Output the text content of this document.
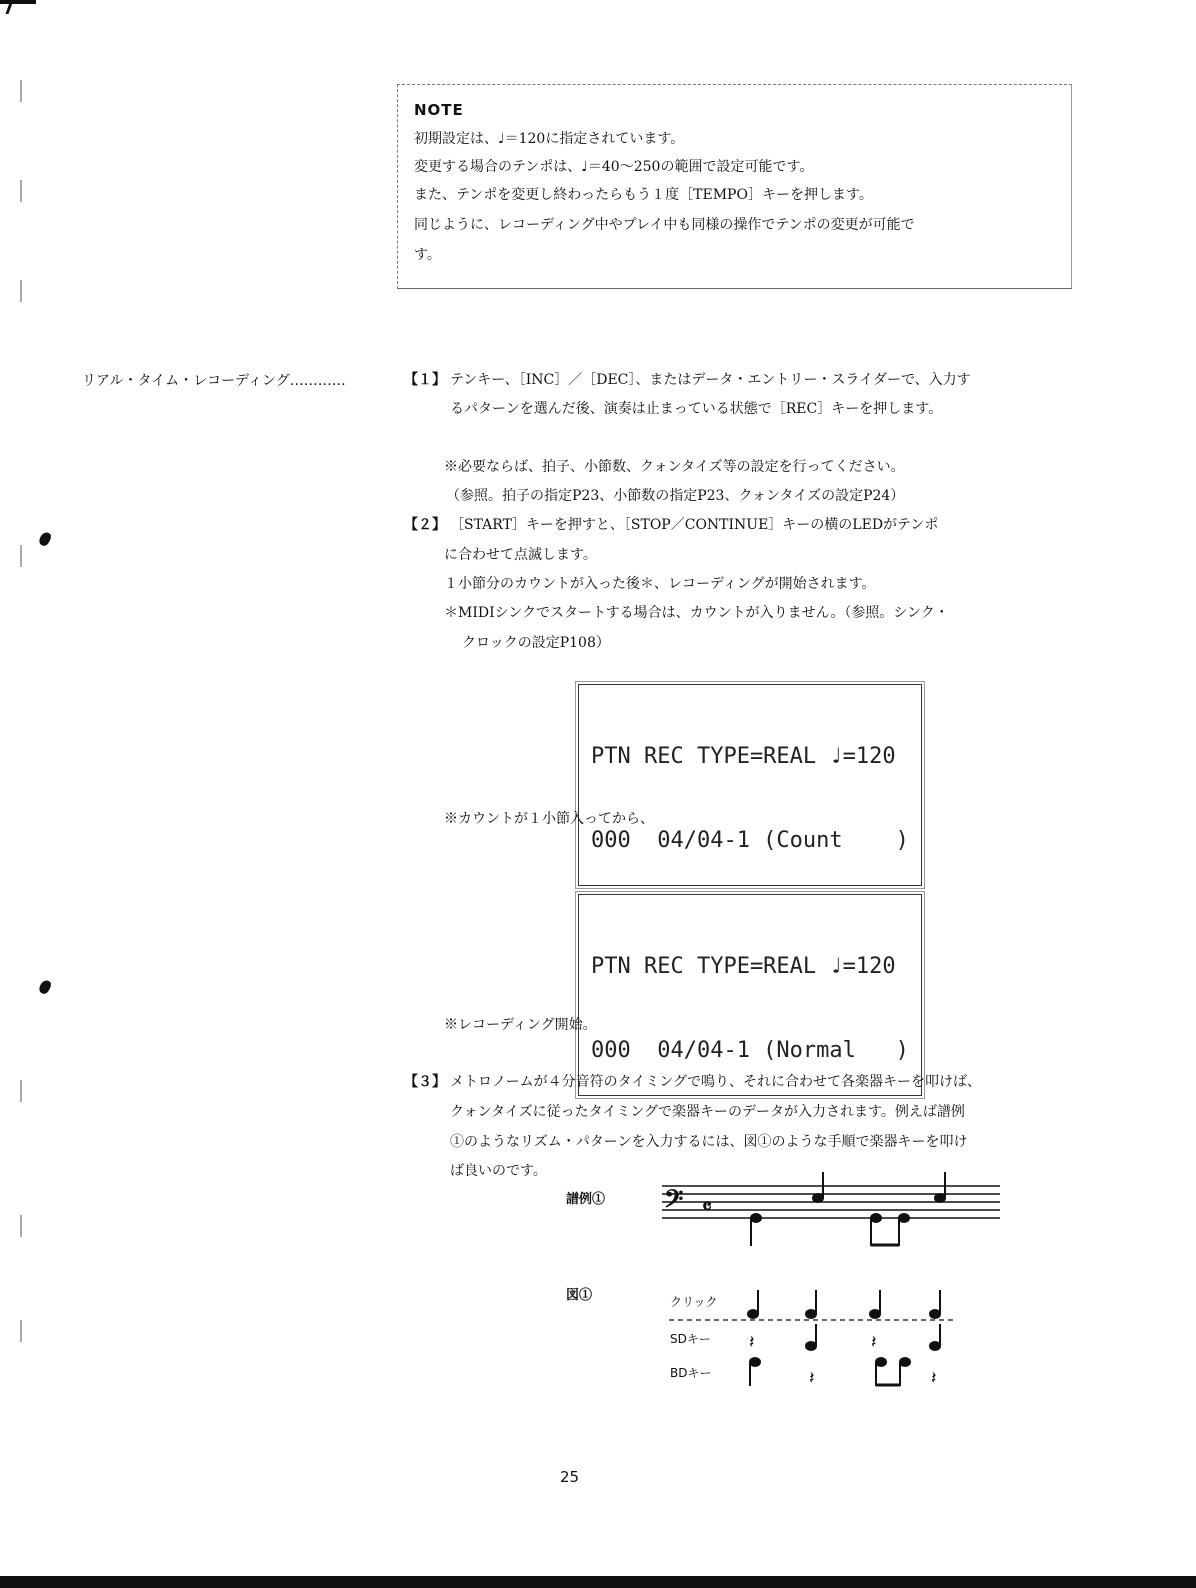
NOTE
初期設定は、♩＝120に指定されています。
変更する場合のテンポは、♩＝40〜250の範囲で設定可能です。
また、テンポを変更し終わったらもう１度［TEMPO］キーを押します。
同じように、レコーディング中やプレイ中も同様の操作でテンポの変更が可能で
す。
リアル・タイム・レコーディング…………	【１】 テンキー、［INC］／［DEC］、またはデータ・エントリー・スライダーで、入力す
るパターンを選んだ後、演奏は止まっている状態で［REC］キーを押します。
※必要ならば、拍子、小節数、クォンタイズ等の設定を行ってください。
（参照。拍子の指定P23、小節数の指定P23、クォンタイズの設定P24）
【２】 ［START］キーを押すと、［STOP／CONTINUE］キーの横のLEDがテンポ
に合わせて点滅します。
１小節分のカウントが入った後＊、レコーディングが開始されます。
＊MIDIシンクでスタートする場合は、カウントが入りません。（参照。シンク・
クロックの設定P108）

PTN REC TYPE=REAL ♩=120

000  04/04-1 (Count    )

※カウントが１小節入ってから、

PTN REC TYPE=REAL ♩=120

000  04/04-1 (Normal   )

※レコーディング開始。
【３】 メトロノームが４分音符のタイミングで鳴り、それに合わせて各楽器キーを叩けば、
クォンタイズに従ったタイミングで楽器キーのデータが入力されます。例えば譜例
①のようなリズム・パターンを入力するには、図①のような手順で楽器キーを叩け
ば良いのです。
譜例① 𝄢 𝄴
図①	クリック
SDキー
BDキー
𝄽	𝄽
𝄽	𝄽
25
